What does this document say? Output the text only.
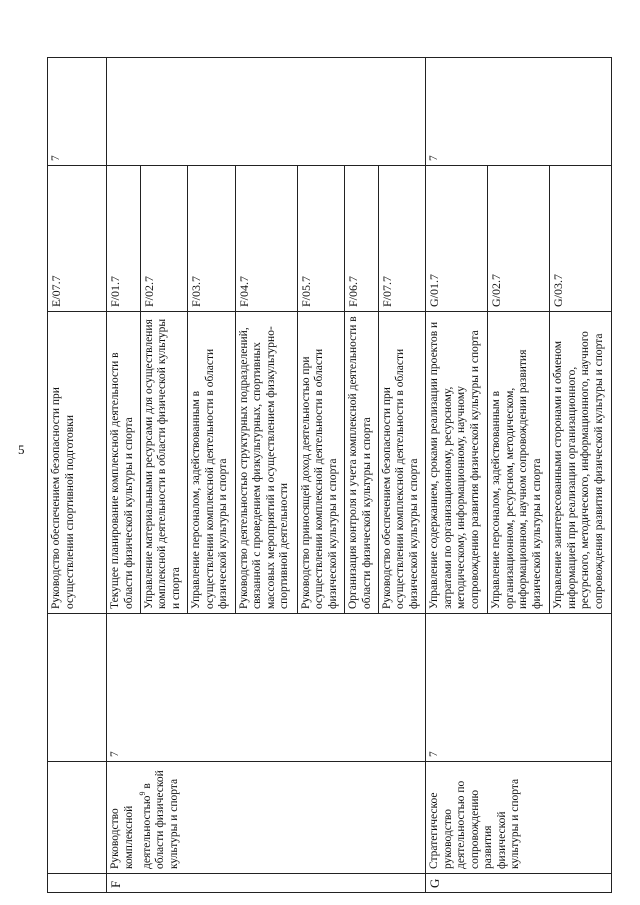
5

			Руководство обеспечением безопасности при осуществлении спортивной подготовки	E/07.7	7
F	Руководство комплексной деятельностью$^9$ в области физической культуры и спорта	7	Текущее планирование комплексной деятельности в области физической культуры и спорта	F/01.7	
			Управление материальными ресурсами для осуществления комплексной деятельности в области физической культуры и спорта	F/02.7	
			Управление персоналом, задействованным в осуществлении комплексной деятельности в области физической культуры и спорта	F/03.7	
			Руководство деятельностью структурных подразделений, связанной с проведением физкультурных, спортивных массовых мероприятий и осуществлением физкультурно-спортивной деятельности	F/04.7	
			Руководство приносящей доход деятельностью при осуществлении комплексной деятельности в области физической культуры и спорта	F/05.7	
			Организация контроля и учета комплексной деятельности в области физической культуры и спорта	F/06.7	
			Руководство обеспечением безопасности при осуществлении комплексной деятельности в области физической культуры и спорта	F/07.7	
G	Стратегическое руководство деятельностью по сопровождению развития физической культуры и спорта	7	Управление содержанием, сроками реализации проектов и затратами по организационному, ресурсному, методическому, информационному, научному сопровождению развития физической культуры и спорта	G/01.7	7
			Управление персоналом, задействованным в организационном, ресурсном, методическом, информационном, научном сопровождении развития физической культуры и спорта	G/02.7	
			Управление заинтересованными сторонами и обменом информацией при реализации организационного, ресурсного, методического, информационного, научного сопровождения развития физической культуры и спорта	G/03.7	
